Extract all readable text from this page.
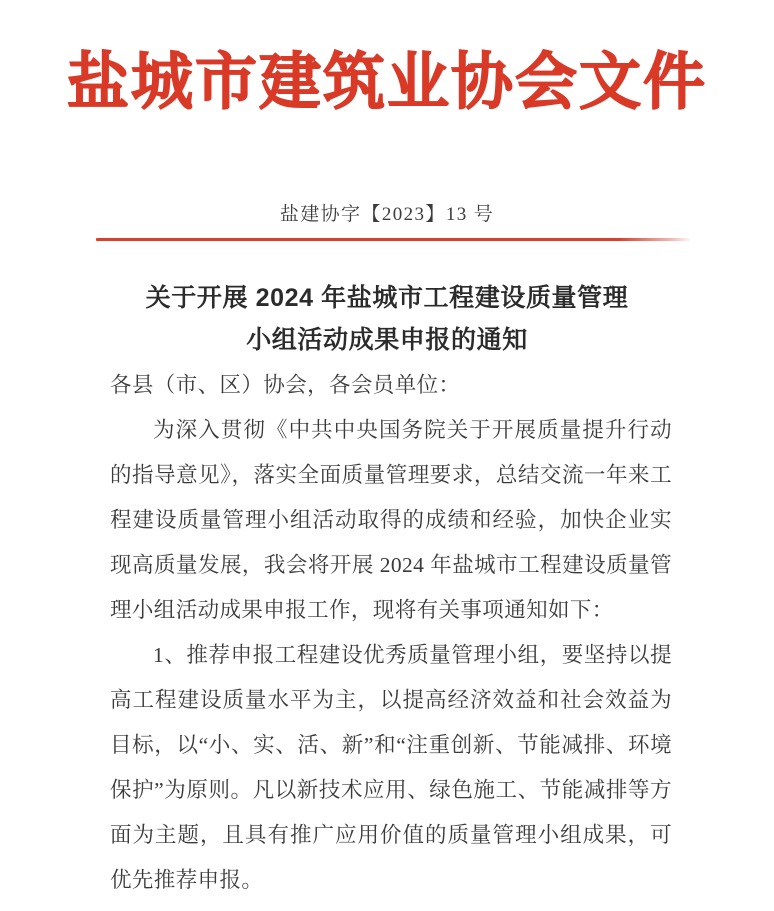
盐城市建筑业协会文件
盐建协字【2023】13 号
关于开展 2024 年盐城市工程建设质量管理
小组活动成果申报的通知

各县（市、区）协会，各会员单位：

为深入贯彻《中共中央国务院关于开展质量提升行动的指导意见》，落实全面质量管理要求，总结交流一年来工程建设质量管理小组活动取得的成绩和经验，加快企业实现高质量发展，我会将开展 2024 年盐城市工程建设质量管理小组活动成果申报工作，现将有关事项通知如下：

1、推荐申报工程建设优秀质量管理小组，要坚持以提高工程建设质量水平为主，以提高经济效益和社会效益为目标，以“小、实、活、新”和“注重创新、节能减排、环境保护”为原则。凡以新技术应用、绿色施工、节能减排等方面为主题，且具有推广应用价值的质量管理小组成果，可优先推荐申报。
